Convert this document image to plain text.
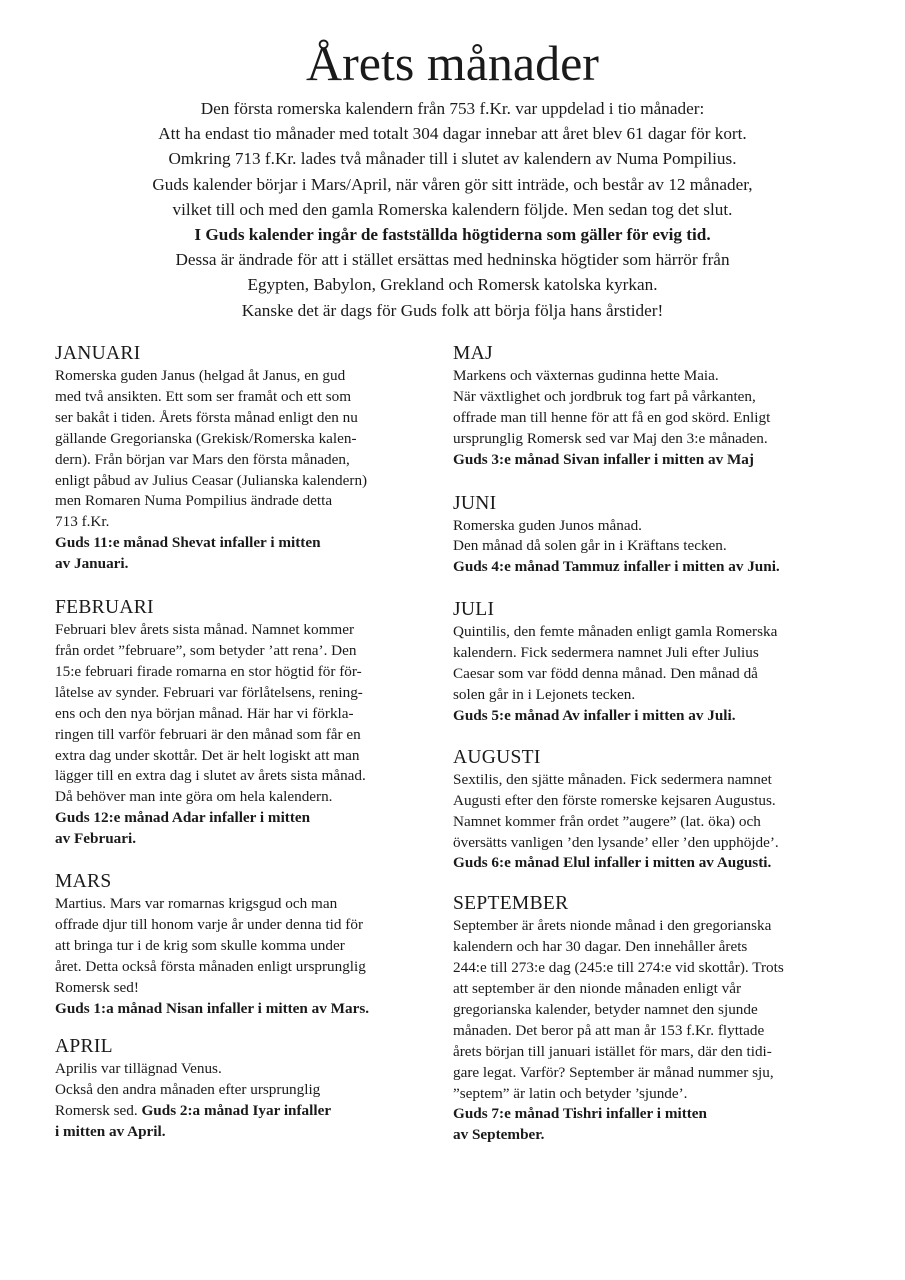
Årets månader
Den första romerska kalendern från 753 f.Kr. var uppdelad i tio månader:
Att ha endast tio månader med totalt 304 dagar innebar att året blev 61 dagar för kort.
Omkring 713 f.Kr. lades två månader till i slutet av kalendern av Numa Pompilius.
Guds kalender börjar i Mars/April, när våren gör sitt inträde, och består av 12 månader,
vilket till och med den gamla Romerska kalendern följde. Men sedan tog det slut.
I Guds kalender ingår de fastställda högtiderna som gäller för evig tid.
Dessa är ändrade för att i stället ersättas med hedninska högtider som härrör från
Egypten, Babylon, Grekland och Romersk katolska kyrkan.
Kanske det är dags för Guds folk att börja följa hans årstider!
JANUARI
Romerska guden Janus (helgad åt Janus, en gud
med två ansikten. Ett som ser framåt och ett som
ser bakåt i tiden. Årets första månad enligt den nu
gällande Gregorianska (Grekisk/Romerska kalen-
dern). Från början var Mars den första månaden,
enligt påbud av Julius Ceasar (Julianska kalendern)
men Romaren Numa Pompilius ändrade detta
713 f.Kr.
Guds 11:e månad Shevat infaller i mitten
av Januari.
FEBRUARI
Februari blev årets sista månad. Namnet kommer
från ordet ”februare”, som betyder ’att rena’. Den
15:e februari firade romarna en stor högtid för för-
låtelse av synder. Februari var förlåtelsens, rening-
ens och den nya början månad. Här har vi förkla-
ringen till varför februari är den månad som får en
extra dag under skottår. Det är helt logiskt att man
lägger till en extra dag i slutet av årets sista månad.
Då behöver man inte göra om hela kalendern.
Guds 12:e månad Adar infaller i mitten
av Februari.
MARS
Martius. Mars var romarnas krigsgud och man
offrade djur till honom varje år under denna tid för
att bringa tur i de krig som skulle komma under
året. Detta också första månaden enligt ursprunglig
Romersk sed!
Guds 1:a månad Nisan infaller i mitten av Mars.
APRIL
Aprilis var tillägnad Venus.
Också den andra månaden efter ursprunglig
Romersk sed. Guds 2:a månad Iyar infaller
i mitten av April.
MAJ
Markens och växternas gudinna hette Maia.
När växtlighet och jordbruk tog fart på vårkanten,
offrade man till henne för att få en god skörd. Enligt
ursprunglig Romersk sed var Maj den 3:e månaden.
Guds 3:e månad Sivan infaller i mitten av Maj
JUNI
Romerska guden Junos månad.
Den månad då solen går in i Kräftans tecken.
Guds 4:e månad Tammuz infaller i mitten av Juni.
JULI
Quintilis, den femte månaden enligt gamla Romerska
kalendern. Fick sedermera namnet Juli efter Julius
Caesar som var född denna månad. Den månad då
solen går in i Lejonets tecken.
Guds 5:e månad Av infaller i mitten av Juli.
AUGUSTI
Sextilis, den sjätte månaden. Fick sedermera namnet
Augusti efter den förste romerske kejsaren Augustus.
Namnet kommer från ordet ”augere” (lat. öka) och
översätts vanligen ’den lysande’ eller ’den upphöjde’.
Guds 6:e månad Elul infaller i mitten av Augusti.
SEPTEMBER
September är årets nionde månad i den gregorianska
kalendern och har 30 dagar. Den innehåller årets
244:e till 273:e dag (245:e till 274:e vid skottår). Trots
att september är den nionde månaden enligt vår
gregorianska kalender, betyder namnet den sjunde
månaden. Det beror på att man år 153 f.Kr. flyttade
årets början till januari istället för mars, där den tidi-
gare legat. Varför? September är månad nummer sju,
”septem” är latin och betyder ’sjunde’.
Guds 7:e månad Tishri infaller i mitten
av September.
